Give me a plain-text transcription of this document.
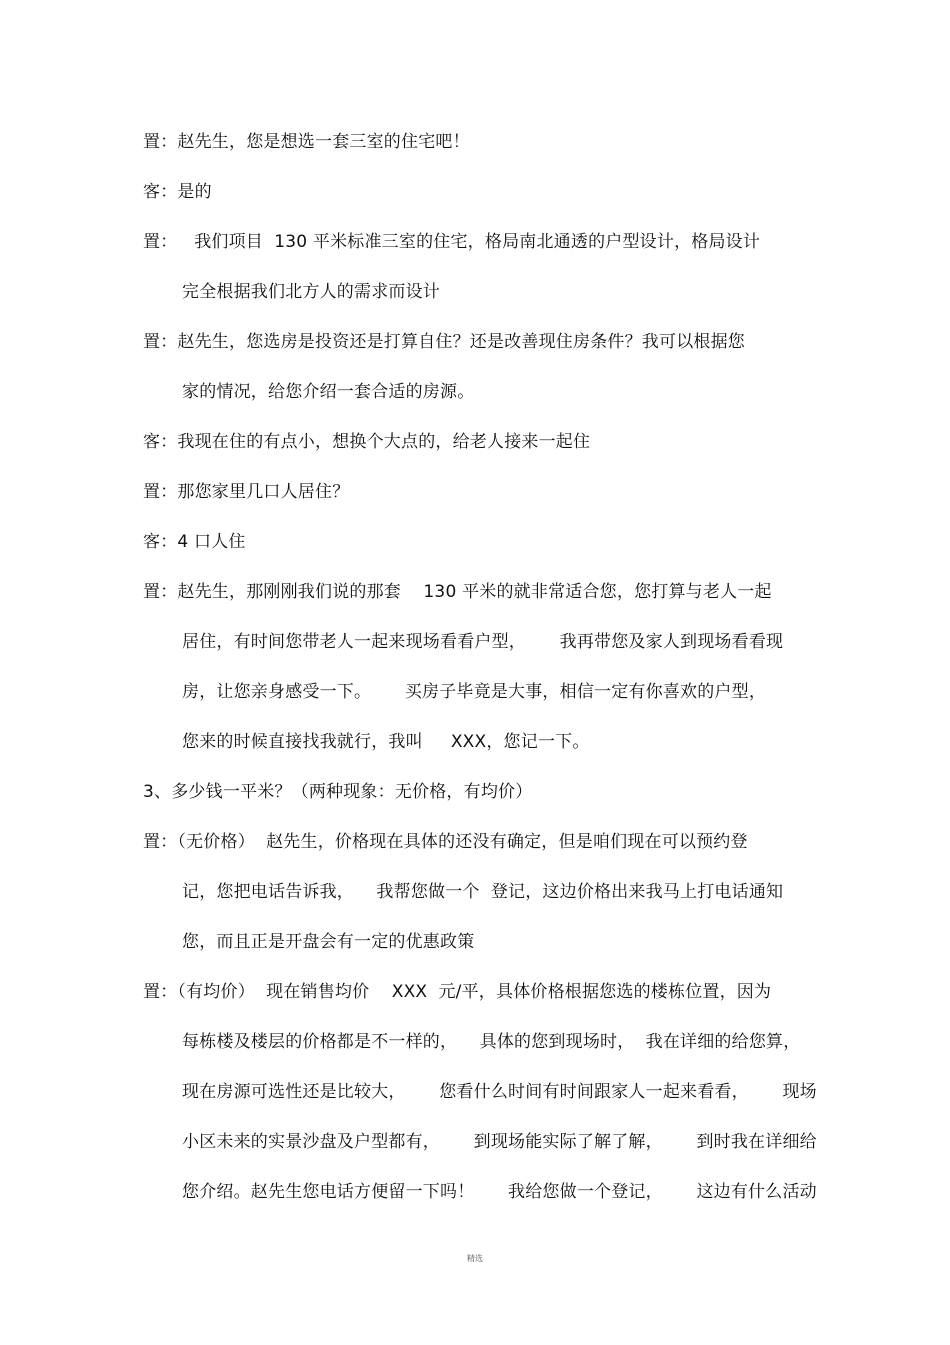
置：赵先生，您是想选一套三室的住宅吧！
客：是的
置：   我们项目  130 平米标准三室的住宅，格局南北通透的户型设计，格局设计
完全根据我们北方人的需求而设计
置：赵先生，您选房是投资还是打算自住？还是改善现住房条件？我可以根据您
家的情况，给您介绍一套合适的房源。
客：我现在住的有点小，想换个大点的，给老人接来一起住
置：那您家里几口人居住？
客：4 口人住
置：赵先生，那刚刚我们说的那套    130 平米的就非常适合您，您打算与老人一起
居住，有时间您带老人一起来现场看看户型，      我再带您及家人到现场看看现
房，让您亲身感受一下。      买房子毕竟是大事，相信一定有你喜欢的户型，
您来的时候直接找我就行，我叫     XXX，您记一下。
3、多少钱一平米？（两种现象：无价格，有均价）
置：（无价格）  赵先生，价格现在具体的还没有确定，但是咱们现在可以预约登
记，您把电话告诉我，    我帮您做一个  登记，这边价格出来我马上打电话通知
您，而且正是开盘会有一定的优惠政策
置：（有均价）  现在销售均价    XXX  元/平，具体价格根据您选的楼栋位置，因为
每栋楼及楼层的价格都是不一样的，    具体的您到现场时，  我在详细的给您算，
现在房源可选性还是比较大，      您看什么时间有时间跟家人一起来看看，      现场
小区未来的实景沙盘及户型都有，      到现场能实际了解了解，      到时我在详细给
您介绍。赵先生您电话方便留一下吗！      我给您做一个登记，      这边有什么活动
精选
